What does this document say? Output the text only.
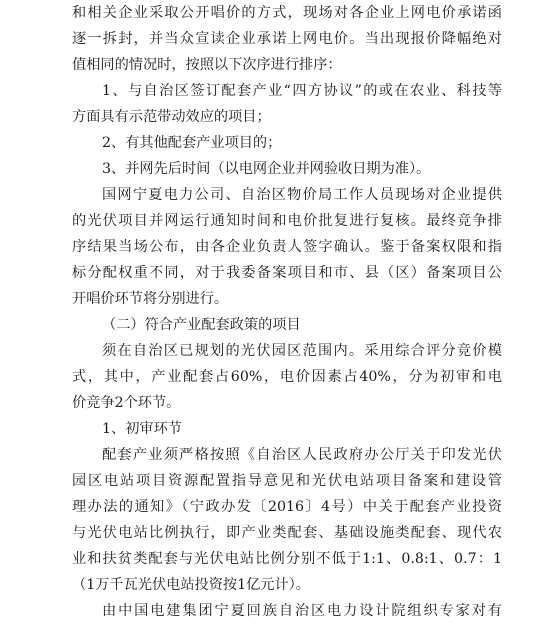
和相关企业采取公开唱价的方式，现场对各企业上网电价承诺函
逐一拆封，并当众宣读企业承诺上网电价。当出现报价降幅绝对
值相同的情况时，按照以下次序进行排序：
1、与自治区签订配套产业“四方协议”的或在农业、科技等
方面具有示范带动效应的项目；
2、有其他配套产业项目的；
3、并网先后时间（以电网企业并网验收日期为准）。
国网宁夏电力公司、自治区物价局工作人员现场对企业提供
的光伏项目并网运行通知时间和电价批复进行复核。最终竞争排
序结果当场公布，由各企业负责人签字确认。鉴于备案权限和指
标分配权重不同，对于我委备案项目和市、县（区）备案项目公
开唱价环节将分别进行。
（二）符合产业配套政策的项目
须在自治区已规划的光伏园区范围内。采用综合评分竞价模
式，其中，产业配套占60%，电价因素占40%，分为初审和电
价竞争2个环节。
1、初审环节
配套产业须严格按照《自治区人民政府办公厅关于印发光伏
园区电站项目资源配置指导意见和光伏电站项目备案和建设管
理办法的通知》（宁政办发〔2016〕4号）中关于配套产业投资
与光伏电站比例执行，即产业类配套、基础设施类配套、现代农
业和扶贫类配套与光伏电站比例分别不低于1:1、0.8:1、0.7：1
（1万千瓦光伏电站投资按1亿元计）。
由中国电建集团宁夏回族自治区电力设计院组织专家对有
